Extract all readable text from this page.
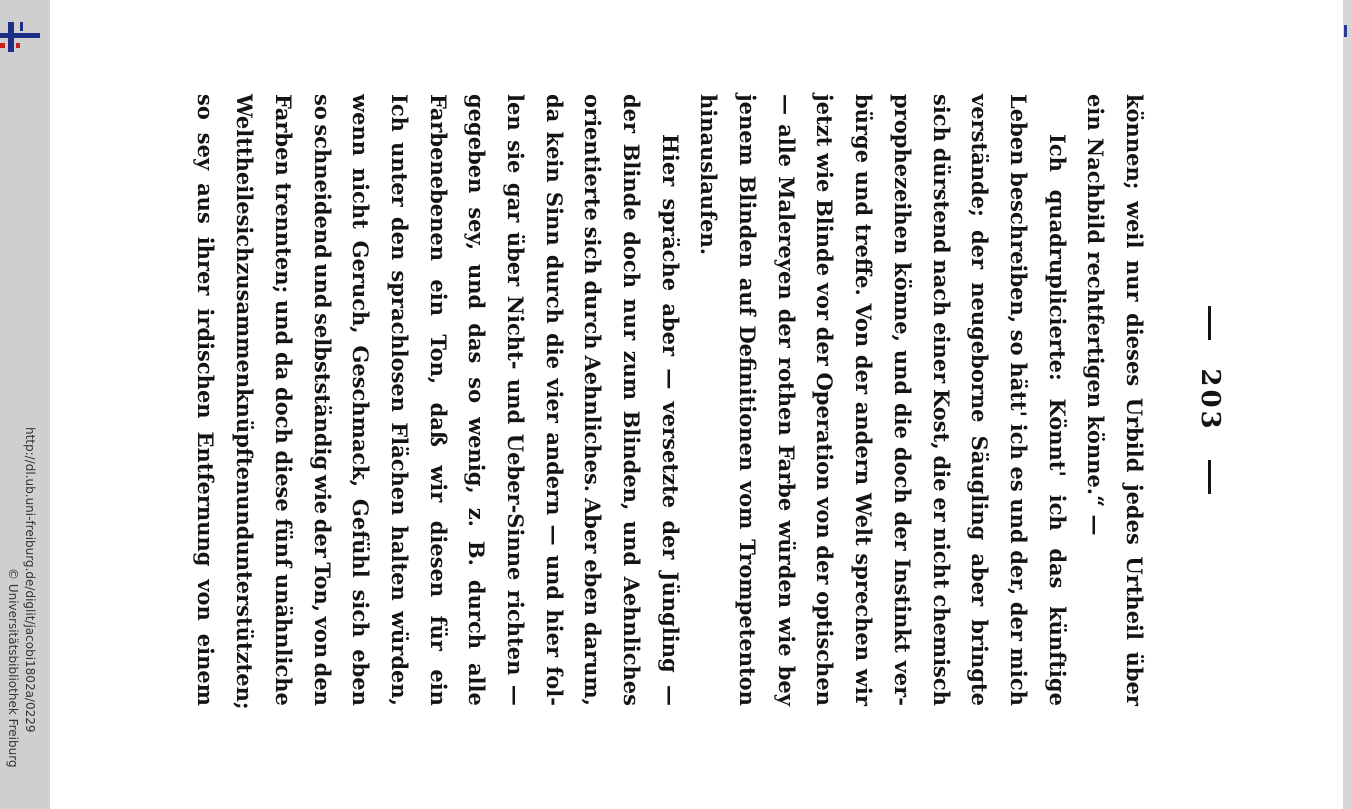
http://dl.ub.uni-freiburg.de/diglit/jacobi1802a/0229
© Universitätsbibliothek Freiburg
203
können;
weil
nur
dieses
Urbild
jedes
Urtheil
über
ein Nachbild rechtfertigen könne.“ —
Ich
quadruplicierte:
Könnt'
ich
das
künftige
Leben
beschreiben,
so
hätt'
ich
es
und
der,
der
mich
verstände;
der
neugeborne
Säugling
aber
bringte
sich
dürstend
nach
einer
Kost,
die
er
nicht
chemisch
prophezeihen
könne,
und
die
doch
der
Instinkt
ver-
bürge
und
treffe.
Von
der
andern
Welt
sprechen
wir
jetzt
wie
Blinde
vor
der
Operation
von
der
optischen
—
alle
Malereyen
der
rothen
Farbe
würden
wie
bey
jenem
Blinden
auf
Definitionen
vom
Trompetenton
hinauslaufen.
Hier
spräche
aber
—
versetzte
der
Jüngling
—
der
Blinde
doch
nur
zum
Blinden,
und
Aehnliches
orientierte
sich
durch
Aehnliches.
Aber
eben
darum,
da
kein
Sinn
durch
die
vier
andern
—
und
hier
fol-
len
sie
gar
über
Nicht-
und
Ueber-Sinne
richten
—
gegeben
sey,
und
das
so
wenig,
z.
B.
durch
alle
Farbenebenen
ein
Ton,
daß
wir
diesen
für
ein
Ich
unter
den
sprachlosen
Flächen
halten
würden,
wenn
nicht
Geruch,
Geschmack,
Gefühl
sich
eben
so
schneidend
und
selbstständig
wie
der
Ton,
von
den
Farben
trennten;
und
da
doch
diese
fünf
unähnliche
Welttheile
sich
zusammenknüpften
und
unterstützten;
so
sey
aus
ihrer
irdischen
Entfernung
von
einem
